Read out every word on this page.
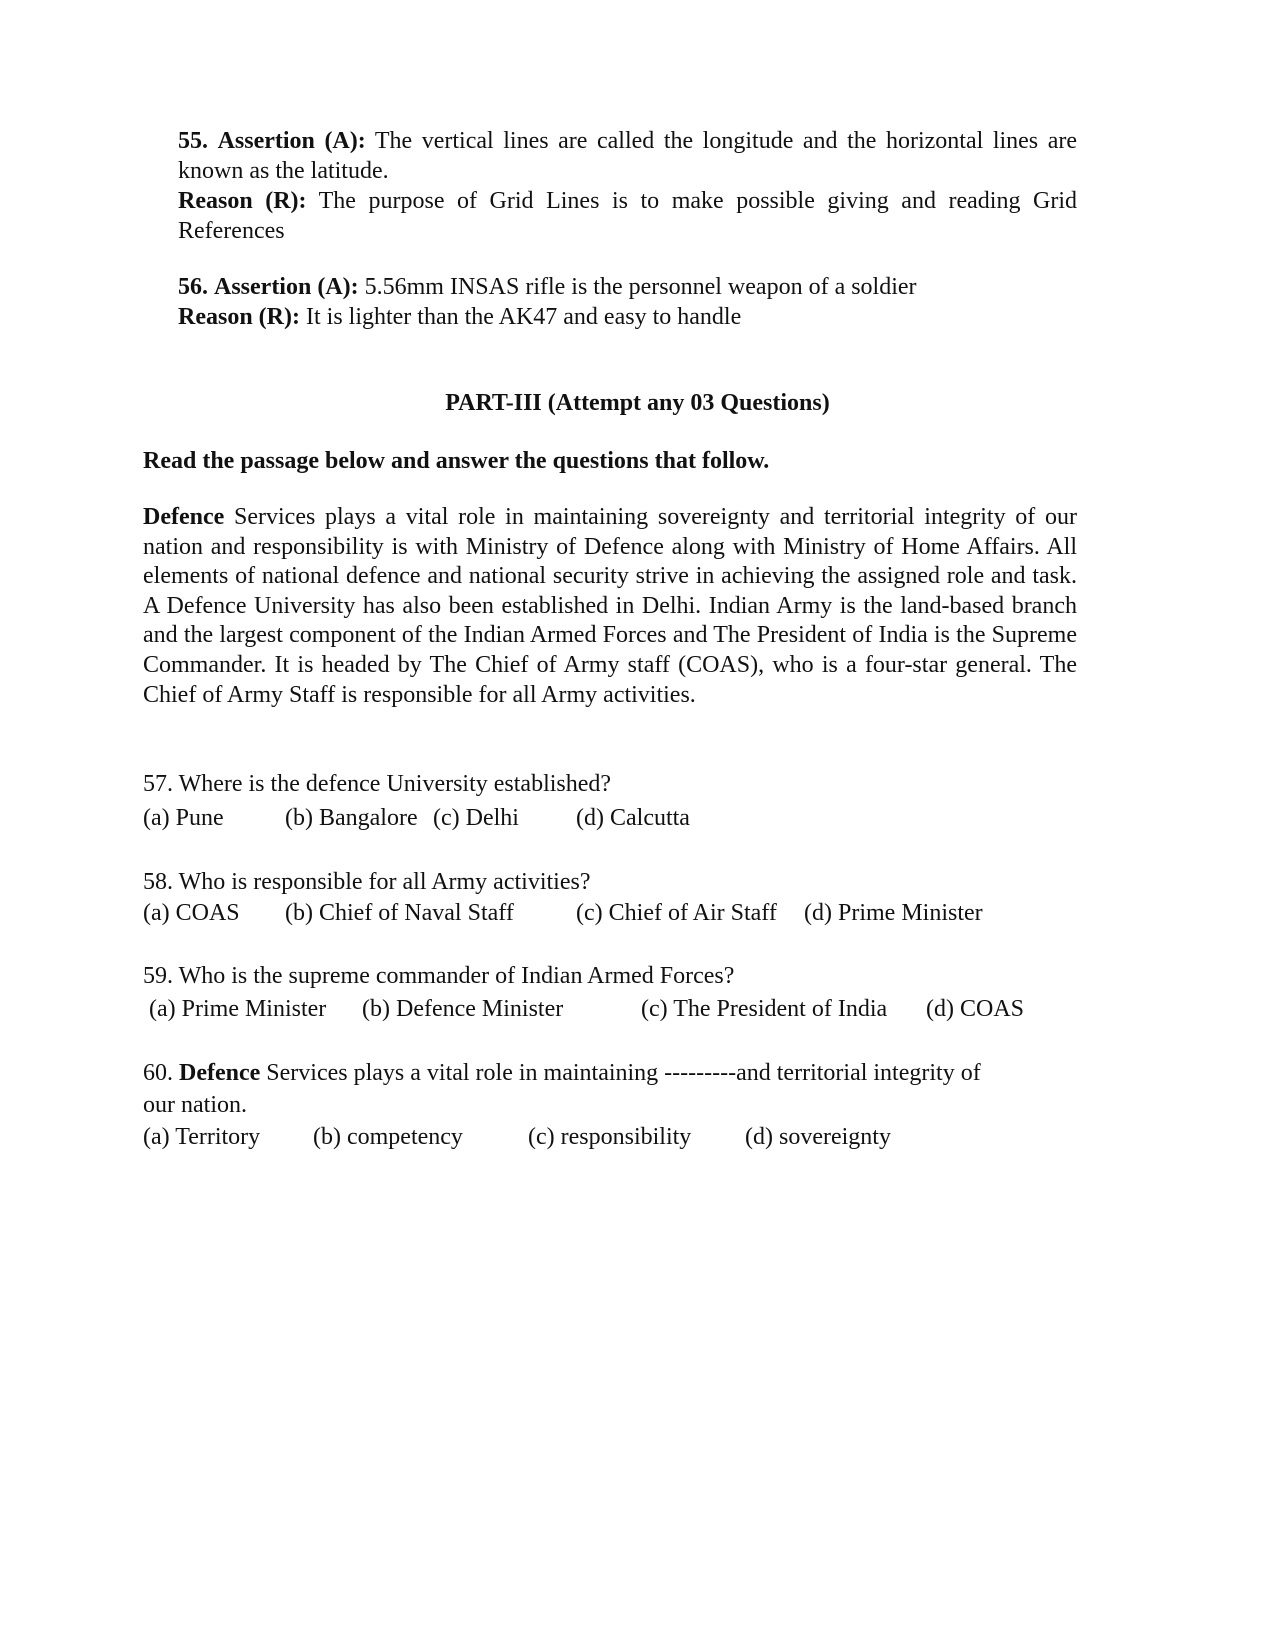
55. Assertion (A): The vertical lines are called the longitude and the horizontal lines are known as the latitude.
Reason (R): The purpose of Grid Lines is to make possible giving and reading Grid References
56. Assertion (A): 5.56mm INSAS rifle is the personnel weapon of a soldier
Reason (R): It is lighter than the AK47 and easy to handle
PART-III (Attempt any 03 Questions)
Read the passage below and answer the questions that follow.
Defence Services plays a vital role in maintaining sovereignty and territorial integrity of our nation and responsibility is with Ministry of Defence along with Ministry of Home Affairs. All elements of national defence and national security strive in achieving the assigned role and task. A Defence University has also been established in Delhi. Indian Army is the land-based branch and the largest component of the Indian Armed Forces and The President of India is the Supreme Commander. It is headed by The Chief of Army staff (COAS), who is a four-star general. The Chief of Army Staff is responsible for all Army activities.
57. Where is the defence University established?
(a) Pune	(b) Bangalore (c) Delhi (d) Calcutta
58. Who is responsible for all Army activities?
(a) COAS (b) Chief of Naval Staff	(c) Chief of Air Staff (d) Prime Minister
59. Who is the supreme commander of Indian Armed Forces?
(a) Prime Minister (b) Defence Minister	(c) The President of India (d) COAS
60. Defence Services plays a vital role in maintaining ---------and territorial integrity of
our nation.
(a) Territory (b) competency	(c) responsibility (d) sovereignty
